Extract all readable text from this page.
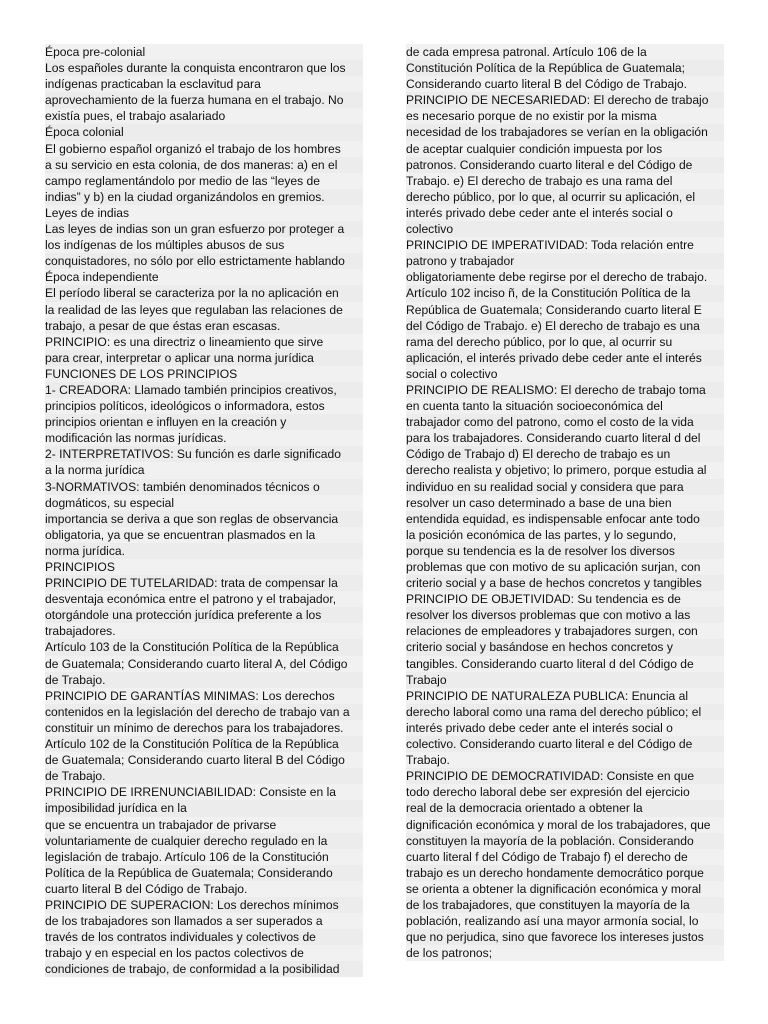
Época pre-colonial
Los españoles durante la conquista encontraron que los
indígenas practicaban la esclavitud para
aprovechamiento de la fuerza humana en el trabajo. No
existía pues, el trabajo asalariado
Época colonial
El gobierno español organizó el trabajo de los hombres
a su servicio en esta colonia, de dos maneras: a) en el
campo reglamentándolo por medio de las “leyes de
indias” y b) en la ciudad organizándolos en gremios.
Leyes de indias
Las leyes de indias son un gran esfuerzo por proteger a
los indígenas de los múltiples abusos de sus
conquistadores, no sólo por ello estrictamente hablando
Época independiente
El período liberal se caracteriza por la no aplicación en
la realidad de las leyes que regulaban las relaciones de
trabajo, a pesar de que éstas eran escasas.
PRINCIPIO: es una directriz o lineamiento que sirve
para crear, interpretar o aplicar una norma jurídica
FUNCIONES DE LOS PRINCIPIOS
1- CREADORA: Llamado también principios creativos,
principios políticos, ideológicos o informadora, estos
principios orientan e influyen en la creación y
modificación las normas jurídicas.
2- INTERPRETATIVOS: Su función es darle significado
a la norma jurídica
3-NORMATIVOS: también denominados técnicos o
dogmáticos, su especial
importancia se deriva a que son reglas de observancia
obligatoria, ya que se encuentran plasmados en la
norma jurídica.
PRINCIPIOS
PRINCIPIO DE TUTELARIDAD: trata de compensar la
desventaja económica entre el patrono y el trabajador,
otorgándole una protección jurídica preferente a los
trabajadores.
Artículo 103 de la Constitución Política de la República
de Guatemala; Considerando cuarto literal A, del Código
de Trabajo.
PRINCIPIO DE GARANTÍAS MINIMAS: Los derechos
contenidos en la legislación del derecho de trabajo van a
constituir un mínimo de derechos para los trabajadores.
Artículo 102 de la Constitución Política de la República
de Guatemala; Considerando cuarto literal B del Código
de Trabajo.
PRINCIPIO DE IRRENUNCIABILIDAD: Consiste en la
imposibilidad jurídica en la
que se encuentra un trabajador de privarse
voluntariamente de cualquier derecho regulado en la
legislación de trabajo. Artículo 106 de la Constitución
Política de la República de Guatemala; Considerando
cuarto literal B del Código de Trabajo.
PRINCIPIO DE SUPERACION: Los derechos mínimos
de los trabajadores son llamados a ser superados a
través de los contratos individuales y colectivos de
trabajo y en especial en los pactos colectivos de
condiciones de trabajo, de conformidad a la posibilidad
de cada empresa patronal. Artículo 106 de la
Constitución Política de la República de Guatemala;
Considerando cuarto literal B del Código de Trabajo.
PRINCIPIO DE NECESARIEDAD: El derecho de trabajo
es necesario porque de no existir por la misma
necesidad de los trabajadores se verían en la obligación
de aceptar cualquier condición impuesta por los
patronos. Considerando cuarto literal e del Código de
Trabajo. e) El derecho de trabajo es una rama del
derecho público, por lo que, al ocurrir su aplicación, el
interés privado debe ceder ante el interés social o
colectivo
PRINCIPIO DE IMPERATIVIDAD: Toda relación entre
patrono y trabajador
obligatoriamente debe regirse por el derecho de trabajo.
Artículo 102 inciso ñ, de la Constitución Política de la
República de Guatemala; Considerando cuarto literal E
del Código de Trabajo. e) El derecho de trabajo es una
rama del derecho público, por lo que, al ocurrir su
aplicación, el interés privado debe ceder ante el interés
social o colectivo
PRINCIPIO DE REALISMO: El derecho de trabajo toma
en cuenta tanto la situación socioeconómica del
trabajador como del patrono, como el costo de la vida
para los trabajadores. Considerando cuarto literal d del
Código de Trabajo d) El derecho de trabajo es un
derecho realista y objetivo; lo primero, porque estudia al
individuo en su realidad social y considera que para
resolver un caso determinado a base de una bien
entendida equidad, es indispensable enfocar ante todo
la posición económica de las partes, y lo segundo,
porque su tendencia es la de resolver los diversos
problemas que con motivo de su aplicación surjan, con
criterio social y a base de hechos concretos y tangibles
PRINCIPIO DE OBJETIVIDAD: Su tendencia es de
resolver los diversos problemas que con motivo a las
relaciones de empleadores y trabajadores surgen, con
criterio social y basándose en hechos concretos y
tangibles. Considerando cuarto literal d del Código de
Trabajo
PRINCIPIO DE NATURALEZA PUBLICA: Enuncia al
derecho laboral como una rama del derecho público; el
interés privado debe ceder ante el interés social o
colectivo. Considerando cuarto literal e del Código de
Trabajo.
PRINCIPIO DE DEMOCRATIVIDAD: Consiste en que
todo derecho laboral debe ser expresión del ejercicio
real de la democracia orientado a obtener la
dignificación económica y moral de los trabajadores, que
constituyen la mayoría de la población. Considerando
cuarto literal f del Código de Trabajo f) el derecho de
trabajo es un derecho hondamente democrático porque
se orienta a obtener la dignificación económica y moral
de los trabajadores, que constituyen la mayoría de la
población, realizando así una mayor armonía social, lo
que no perjudica, sino que favorece los intereses justos
de los patronos;
